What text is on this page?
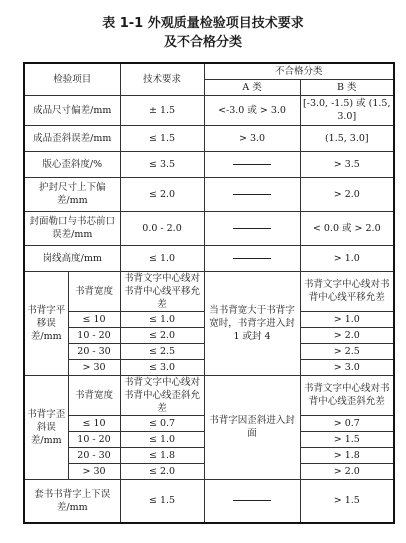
表 1-1 外观质量检验项目技术要求
及不合格分类
检验项目		技术要求	不合格分类	
			A 类	B 类
成品尺寸偏差/mm		± 1.5	<-3.0 或 > 3.0	[-3.0, -1.5) 或 (1.5, 3.0]
成品歪斜误差/mm		≤ 1.5	> 3.0	(1.5, 3.0]
版心歪斜度/%		≤ 3.5		> 3.5
护封尺寸上下偏差/mm		≤ 2.0		> 2.0
封面勒口与书芯前口误差/mm		0.0 - 2.0		< 0.0 或 > 2.0
岗线高度/mm		≤ 1.0		> 1.0
书背字平移误差/mm	书背宽度	书背文字中心线对书背中心线平移允差	当书背宽大于书背字宽时，书背字进入封 1 或封 4	书背文字中心线对书背中心线平移允差
	≤ 10	≤ 1.0		> 1.0
	10 - 20	≤ 2.0		> 2.0
	20 - 30	≤ 2.5		> 2.5
	> 30	≤ 3.0		> 3.0
书背字歪斜误差/mm	书背宽度	书背文字中心线对书背中心线歪斜允差	书背字因歪斜进入封面	书背文字中心线对书背中心线歪斜允差
	≤ 10	≤ 0.7		> 0.7
	10 - 20	≤ 1.0		> 1.5
	20 - 30	≤ 1.8		> 1.8
	> 30	≤ 2.0		> 2.0
套书书背字上下误差/mm		≤ 1.5		> 1.5
